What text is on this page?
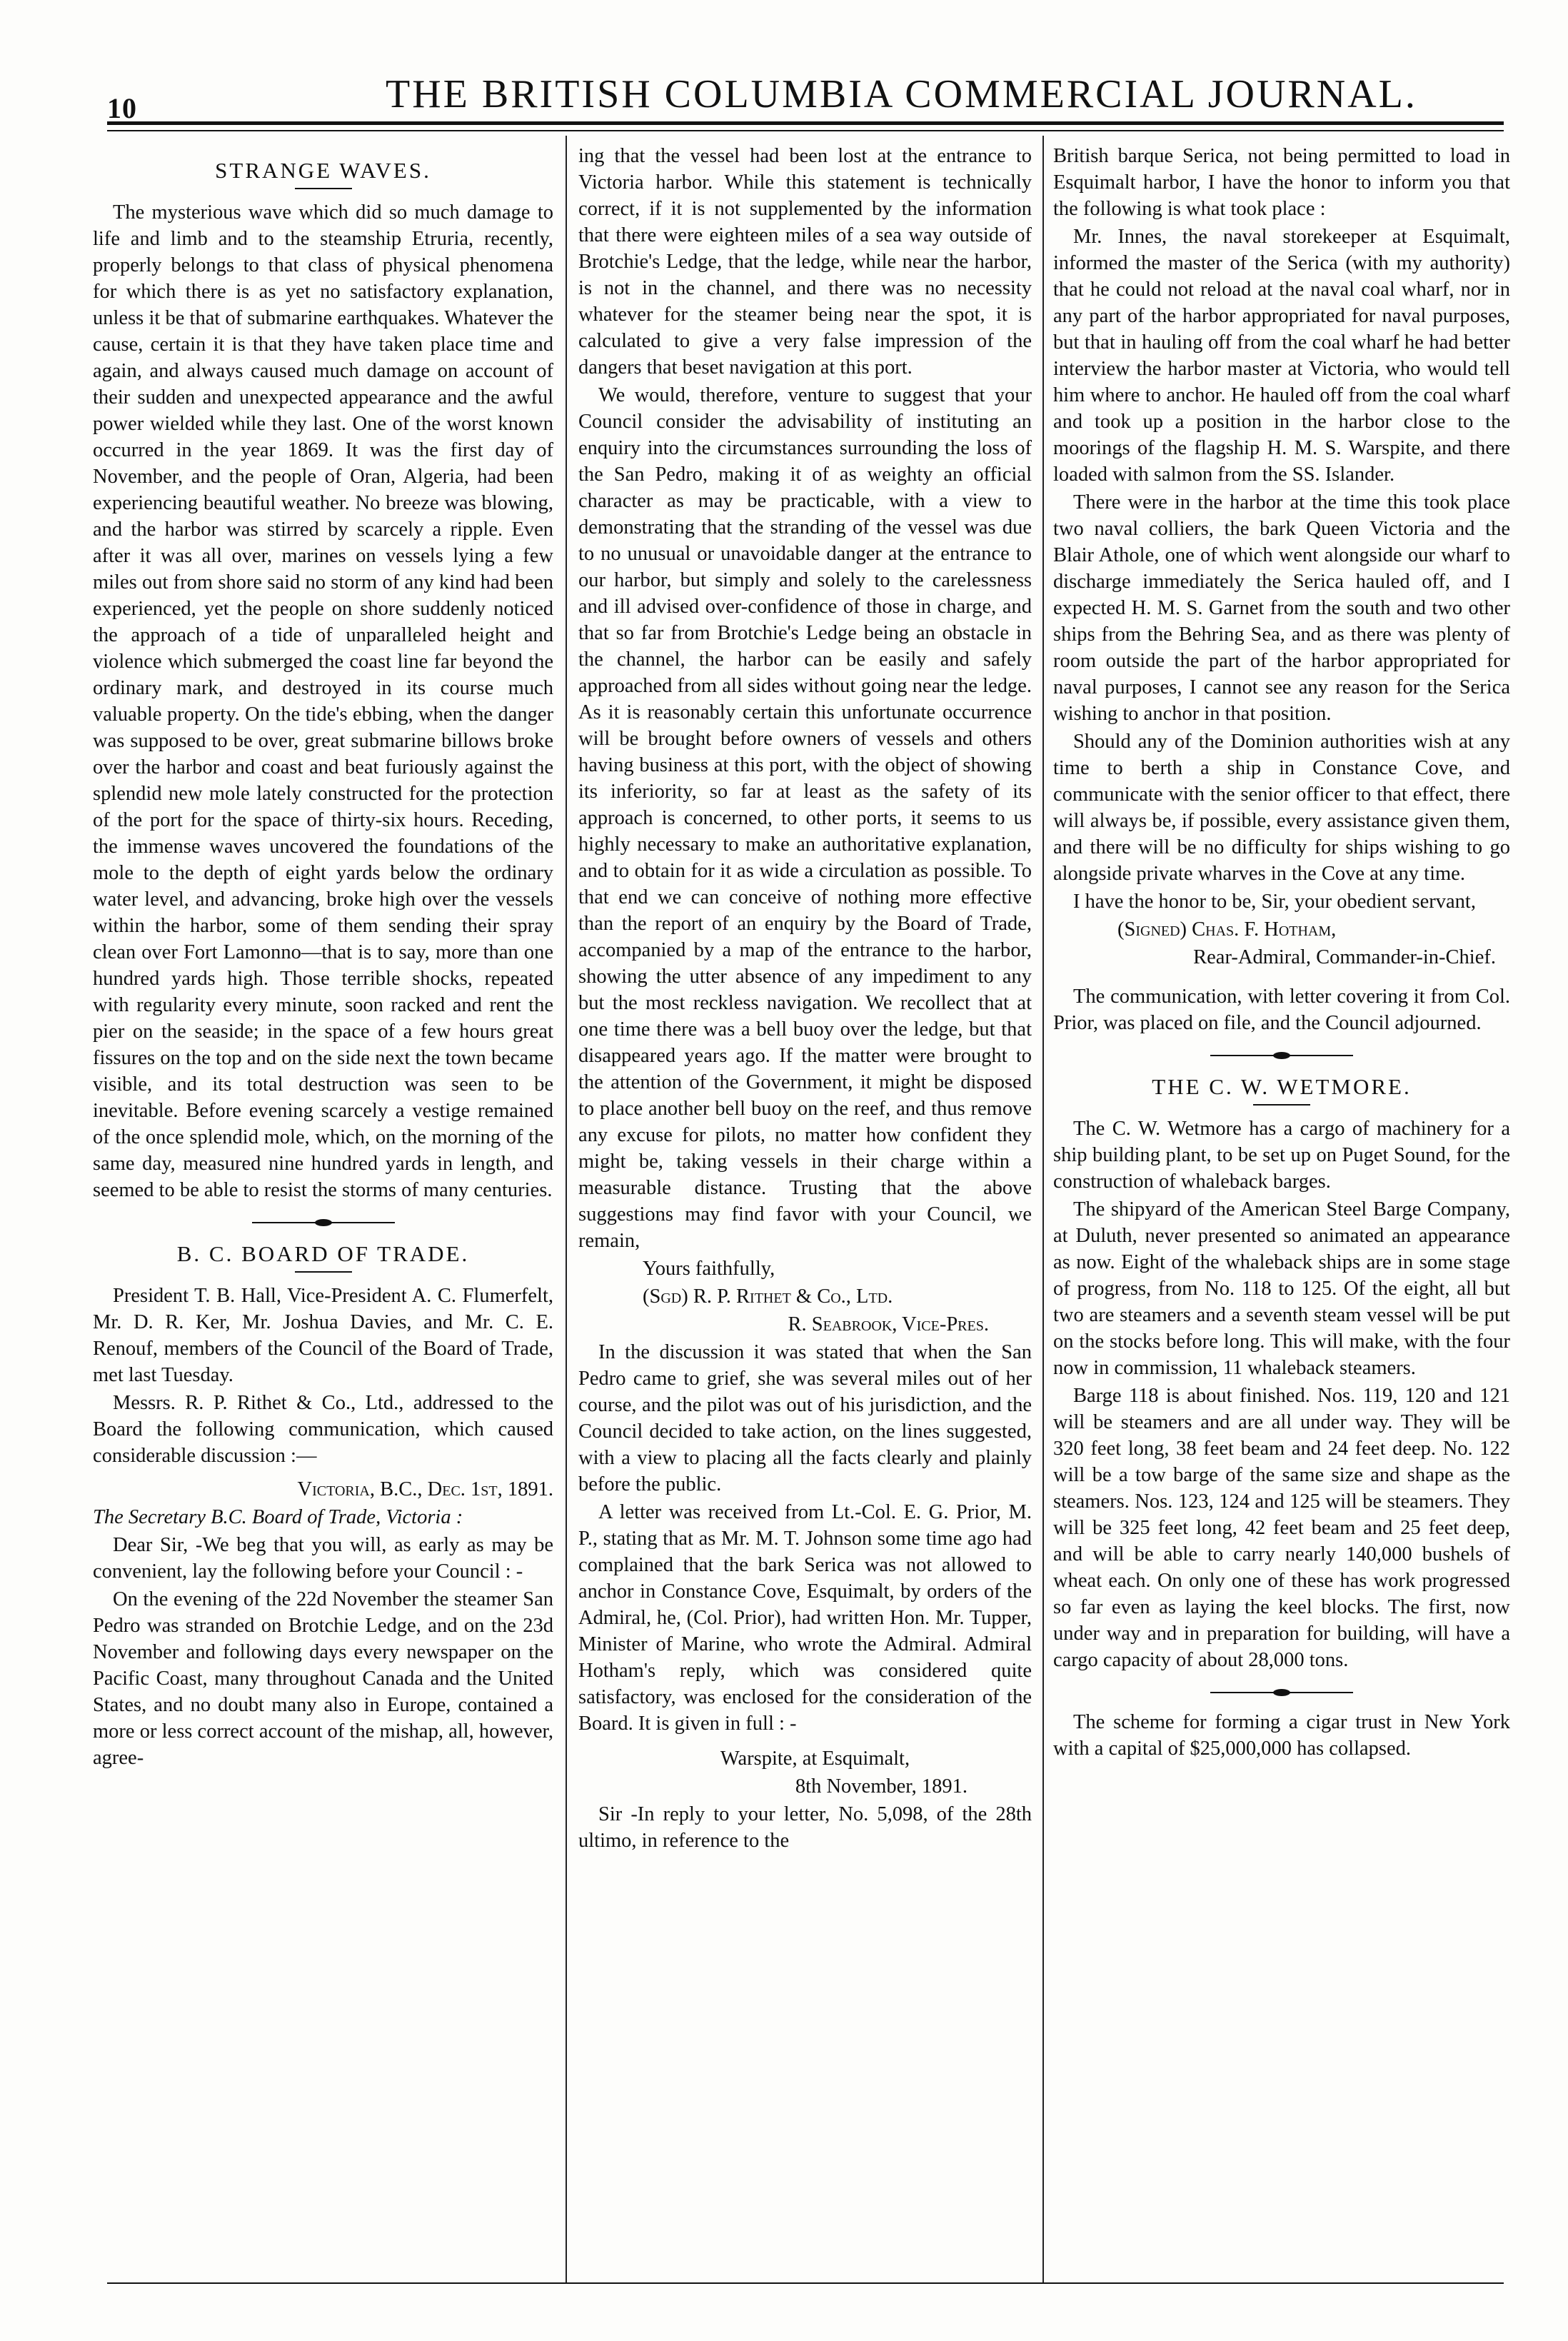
10	THE BRITISH COLUMBIA COMMERCIAL JOURNAL.
STRANGE WAVES.

The mysterious wave which did so much damage to life and limb and to the steamship Etruria, recently, properly belongs to that class of physical phenomena for which there is as yet no satisfactory explanation, unless it be that of submarine earthquakes. Whatever the cause, certain it is that they have taken place time and again, and always caused much damage on account of their sudden and unexpected appearance and the awful power wielded while they last. One of the worst known occurred in the year 1869. It was the first day of November, and the people of Oran, Algeria, had been experiencing beautiful weather. No breeze was blowing, and the harbor was stirred by scarcely a ripple. Even after it was all over, marines on vessels lying a few miles out from shore said no storm of any kind had been experienced, yet the people on shore suddenly noticed the approach of a tide of unparalleled height and violence which submerged the coast line far beyond the ordinary mark, and destroyed in its course much valuable property. On the tide's ebbing, when the danger was supposed to be over, great submarine billows broke over the harbor and coast and beat furiously against the splendid new mole lately constructed for the protection of the port for the space of thirty-six hours. Receding, the immense waves uncovered the foundations of the mole to the depth of eight yards below the ordinary water level, and advancing, broke high over the vessels within the harbor, some of them sending their spray clean over Fort Lamonno—that is to say, more than one hundred yards high. Those terrible shocks, repeated with regularity every minute, soon racked and rent the pier on the seaside; in the space of a few hours great fissures on the top and on the side next the town became visible, and its total destruction was seen to be inevitable. Before evening scarcely a vestige remained of the once splendid mole, which, on the morning of the same day, measured nine hundred yards in length, and seemed to be able to resist the storms of many centuries.

B. C. BOARD OF TRADE.

President T. B. Hall, Vice-President A. C. Flumerfelt, Mr. D. R. Ker, Mr. Joshua Davies, and Mr. C. E. Renouf, members of the Council of the Board of Trade, met last Tuesday.

Messrs. R. P. Rithet & Co., Ltd., addressed to the Board the following communication, which caused considerable discussion :—

Victoria, B.C., Dec. 1st, 1891.

The Secretary B.C. Board of Trade, Victoria :

Dear Sir, -We beg that you will, as early as may be convenient, lay the following before your Council : -

On the evening of the 22d November the steamer San Pedro was stranded on Brotchie Ledge, and on the 23d November and following days every newspaper on the Pacific Coast, many throughout Canada and the United States, and no doubt many also in Europe, contained a more or less correct account of the mishap, all, however, agree-

ing that the vessel had been lost at the entrance to Victoria harbor. While this statement is technically correct, if it is not supplemented by the information that there were eighteen miles of a sea way outside of Brotchie's Ledge, that the ledge, while near the harbor, is not in the channel, and there was no necessity whatever for the steamer being near the spot, it is calculated to give a very false impression of the dangers that beset navigation at this port.

We would, therefore, venture to suggest that your Council consider the advisability of instituting an enquiry into the circumstances surrounding the loss of the San Pedro, making it of as weighty an official character as may be practicable, with a view to demonstrating that the stranding of the vessel was due to no unusual or unavoidable danger at the entrance to our harbor, but simply and solely to the carelessness and ill advised over-confidence of those in charge, and that so far from Brotchie's Ledge being an obstacle in the channel, the harbor can be easily and safely approached from all sides without going near the ledge. As it is reasonably certain this unfortunate occurrence will be brought before owners of vessels and others having business at this port, with the object of showing its inferiority, so far at least as the safety of its approach is concerned, to other ports, it seems to us highly necessary to make an authoritative explanation, and to obtain for it as wide a circulation as possible. To that end we can conceive of nothing more effective than the report of an enquiry by the Board of Trade, accompanied by a map of the entrance to the harbor, showing the utter absence of any impediment to any but the most reckless navigation. We recollect that at one time there was a bell buoy over the ledge, but that disappeared years ago. If the matter were brought to the attention of the Government, it might be disposed to place another bell buoy on the reef, and thus remove any excuse for pilots, no matter how confident they might be, taking vessels in their charge within a measurable distance. Trusting that the above suggestions may find favor with your Council, we remain,

Yours faithfully,

(Sgd) R. P. Rithet & Co., Ltd.

R. Seabrook, Vice-Pres.

In the discussion it was stated that when the San Pedro came to grief, she was several miles out of her course, and the pilot was out of his jurisdiction, and the Council decided to take action, on the lines suggested, with a view to placing all the facts clearly and plainly before the public.

A letter was received from Lt.-Col. E. G. Prior, M. P., stating that as Mr. M. T. Johnson some time ago had complained that the bark Serica was not allowed to anchor in Constance Cove, Esquimalt, by orders of the Admiral, he, (Col. Prior), had written Hon. Mr. Tupper, Minister of Marine, who wrote the Admiral. Admiral Hotham's reply, which was considered quite satisfactory, was enclosed for the consideration of the Board. It is given in full : -

Warspite, at Esquimalt,

8th November, 1891.

Sir -In reply to your letter, No. 5,098, of the 28th ultimo, in reference to the

British barque Serica, not being permitted to load in Esquimalt harbor, I have the honor to inform you that the following is what took place :

Mr. Innes, the naval storekeeper at Esquimalt, informed the master of the Serica (with my authority) that he could not reload at the naval coal wharf, nor in any part of the harbor appropriated for naval purposes, but that in hauling off from the coal wharf he had better interview the harbor master at Victoria, who would tell him where to anchor. He hauled off from the coal wharf and took up a position in the harbor close to the moorings of the flagship H. M. S. Warspite, and there loaded with salmon from the SS. Islander.

There were in the harbor at the time this took place two naval colliers, the bark Queen Victoria and the Blair Athole, one of which went alongside our wharf to discharge immediately the Serica hauled off, and I expected H. M. S. Garnet from the south and two other ships from the Behring Sea, and as there was plenty of room outside the part of the harbor appropriated for naval purposes, I cannot see any reason for the Serica wishing to anchor in that position.

Should any of the Dominion authorities wish at any time to berth a ship in Constance Cove, and communicate with the senior officer to that effect, there will always be, if possible, every assistance given them, and there will be no difficulty for ships wishing to go alongside private wharves in the Cove at any time.

I have the honor to be, Sir, your obedient servant,

(Signed) Chas. F. Hotham,

Rear-Admiral, Commander-in-Chief.

The communication, with letter covering it from Col. Prior, was placed on file, and the Council adjourned.

THE C. W. WETMORE.

The C. W. Wetmore has a cargo of machinery for a ship building plant, to be set up on Puget Sound, for the construction of whaleback barges.

The shipyard of the American Steel Barge Company, at Duluth, never presented so animated an appearance as now. Eight of the whaleback ships are in some stage of progress, from No. 118 to 125. Of the eight, all but two are steamers and a seventh steam vessel will be put on the stocks before long. This will make, with the four now in commission, 11 whaleback steamers.

Barge 118 is about finished. Nos. 119, 120 and 121 will be steamers and are all under way. They will be 320 feet long, 38 feet beam and 24 feet deep. No. 122 will be a tow barge of the same size and shape as the steamers. Nos. 123, 124 and 125 will be steamers. They will be 325 feet long, 42 feet beam and 25 feet deep, and will be able to carry nearly 140,000 bushels of wheat each. On only one of these has work progressed so far even as laying the keel blocks. The first, now under way and in preparation for building, will have a cargo capacity of about 28,000 tons.

The scheme for forming a cigar trust in New York with a capital of $25,000,000 has collapsed.
